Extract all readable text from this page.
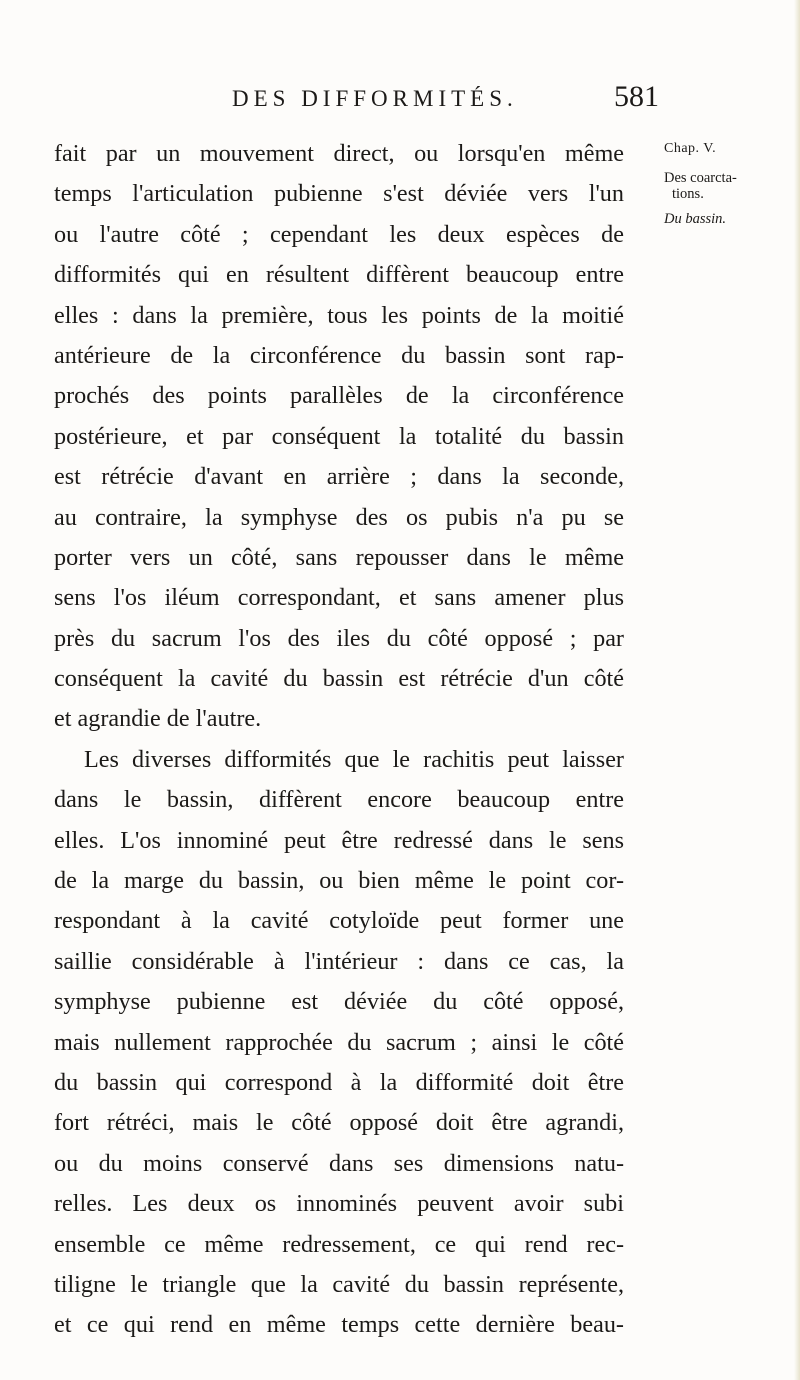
DES DIFFORMITÉS.	581
Chap. V.
Des coarcta-
tions.
Du bassin.
fait par un mouvement direct, ou lorsqu'en même
temps l'articulation pubienne s'est déviée vers l'un
ou l'autre côté ; cependant les deux espèces de
difformités qui en résultent diffèrent beaucoup entre
elles : dans la première, tous les points de la moitié
antérieure de la circonférence du bassin sont rap-
prochés des points parallèles de la circonférence
postérieure, et par conséquent la totalité du bassin
est rétrécie d'avant en arrière ; dans la seconde,
au contraire, la symphyse des os pubis n'a pu se
porter vers un côté, sans repousser dans le même
sens l'os iléum correspondant, et sans amener plus
près du sacrum l'os des iles du côté opposé ; par
conséquent la cavité du bassin est rétrécie d'un côté
et agrandie de l'autre.
Les diverses difformités que le rachitis peut laisser
dans le bassin, diffèrent encore beaucoup entre
elles. L'os innominé peut être redressé dans le sens
de la marge du bassin, ou bien même le point cor-
respondant à la cavité cotyloïde peut former une
saillie considérable à l'intérieur : dans ce cas, la
symphyse pubienne est déviée du côté opposé,
mais nullement rapprochée du sacrum ; ainsi le côté
du bassin qui correspond à la difformité doit être
fort rétréci, mais le côté opposé doit être agrandi,
ou du moins conservé dans ses dimensions natu-
relles. Les deux os innominés peuvent avoir subi
ensemble ce même redressement, ce qui rend rec-
tiligne le triangle que la cavité du bassin représente,
et ce qui rend en même temps cette dernière beau-
